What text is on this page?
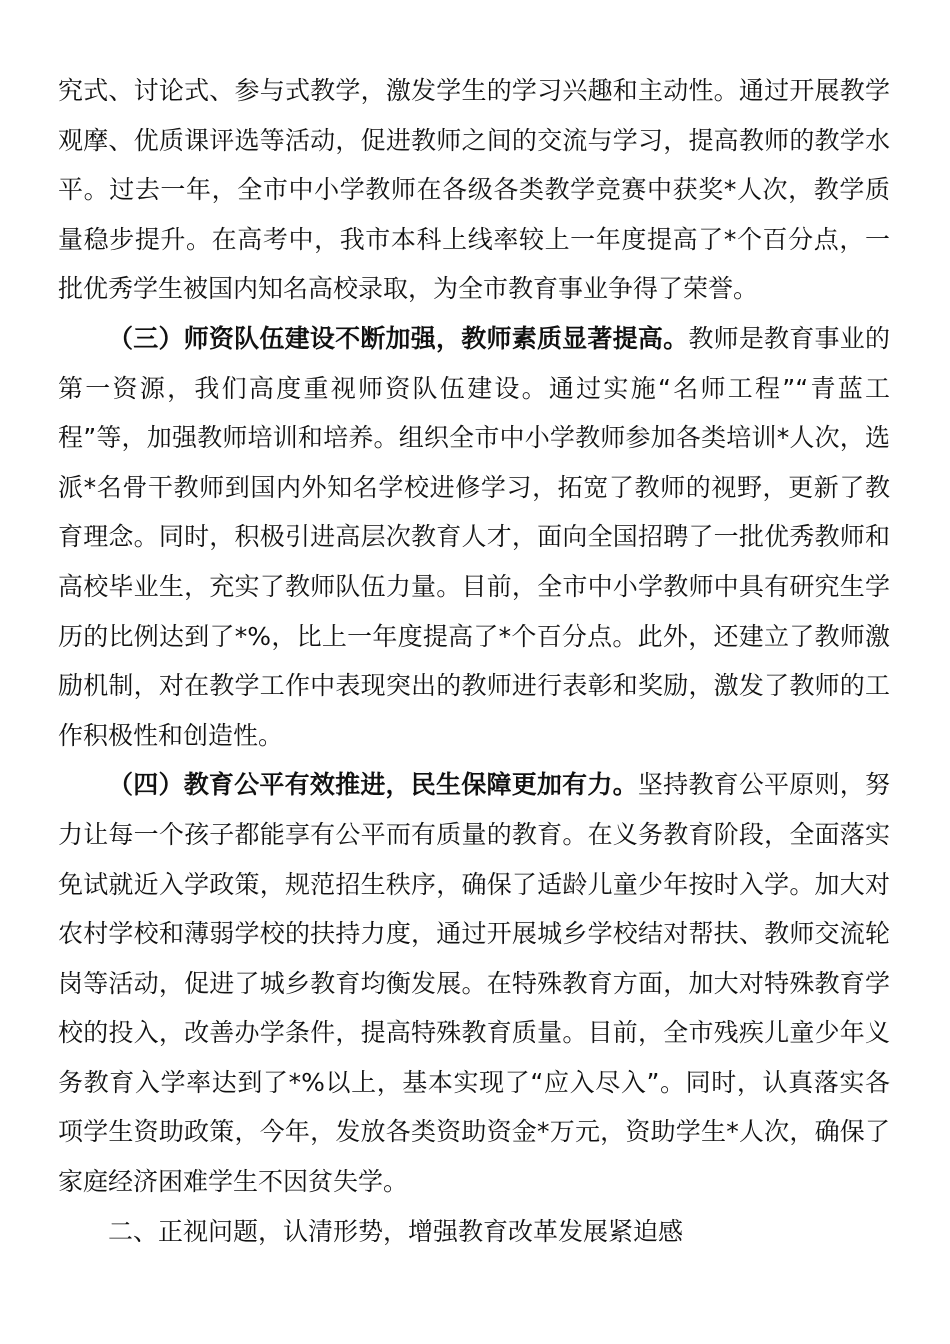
究式、讨论式、参与式教学，激发学生的学习兴趣和主动性。通过开展教学观摩、优质课评选等活动，促进教师之间的交流与学习，提高教师的教学水平。过去一年，全市中小学教师在各级各类教学竞赛中获奖*人次，教学质量稳步提升。在高考中，我市本科上线率较上一年度提高了*个百分点，一批优秀学生被国内知名高校录取，为全市教育事业争得了荣誉。

（三）师资队伍建设不断加强，教师素质显著提高。教师是教育事业的第一资源，我们高度重视师资队伍建设。通过实施“名师工程”“青蓝工程”等，加强教师培训和培养。组织全市中小学教师参加各类培训*人次，选派*名骨干教师到国内外知名学校进修学习，拓宽了教师的视野，更新了教育理念。同时，积极引进高层次教育人才，面向全国招聘了一批优秀教师和高校毕业生，充实了教师队伍力量。目前，全市中小学教师中具有研究生学历的比例达到了*%，比上一年度提高了*个百分点。此外，还建立了教师激励机制，对在教学工作中表现突出的教师进行表彰和奖励，激发了教师的工作积极性和创造性。

（四）教育公平有效推进，民生保障更加有力。坚持教育公平原则，努力让每一个孩子都能享有公平而有质量的教育。在义务教育阶段，全面落实免试就近入学政策，规范招生秩序，确保了适龄儿童少年按时入学。加大对农村学校和薄弱学校的扶持力度，通过开展城乡学校结对帮扶、教师交流轮岗等活动，促进了城乡教育均衡发展。在特殊教育方面，加大对特殊教育学校的投入，改善办学条件，提高特殊教育质量。目前，全市残疾儿童少年义务教育入学率达到了*%以上，基本实现了“应入尽入”。同时，认真落实各项学生资助政策，今年，发放各类资助资金*万元，资助学生*人次，确保了家庭经济困难学生不因贫失学。

二、正视问题，认清形势，增强教育改革发展紧迫感
